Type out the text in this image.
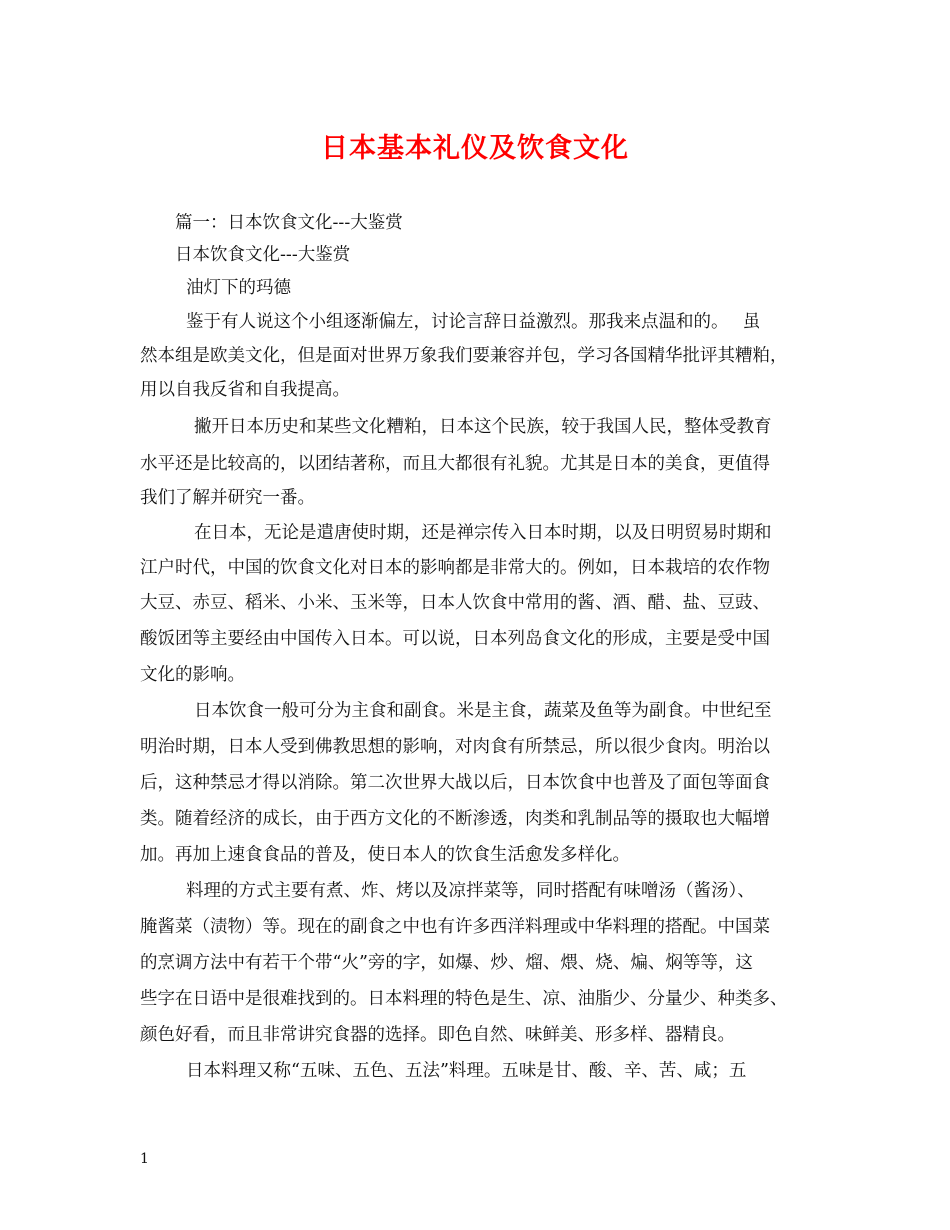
日本基本礼仪及饮食文化
篇一：日本饮食文化---大鉴赏
日本饮食文化---大鉴赏
油灯下的玛德
鉴于有人说这个小组逐渐偏左，讨论言辞日益激烈。那我来点温和的。　 虽
然本组是欧美文化，但是面对世界万象我们要兼容并包，学习各国精华批评其糟粕，
用以自我反省和自我提高。
撇开日本历史和某些文化糟粕，日本这个民族，较于我国人民，整体受教育
水平还是比较高的，以团结著称，而且大都很有礼貌。尤其是日本的美食，更值得
我们了解并研究一番。
在日本，无论是遣唐使时期，还是禅宗传入日本时期，以及日明贸易时期和
江户时代，中国的饮食文化对日本的影响都是非常大的。例如，日本栽培的农作物
大豆、赤豆、稻米、小米、玉米等，日本人饮食中常用的酱、酒、醋、盐、豆豉、
酸饭团等主要经由中国传入日本。可以说，日本列岛食文化的形成，主要是受中国
文化的影响。
日本饮食一般可分为主食和副食。米是主食，蔬菜及鱼等为副食。中世纪至
明治时期，日本人受到佛教思想的影响，对肉食有所禁忌，所以很少食肉。明治以
后，这种禁忌才得以消除。第二次世界大战以后，日本饮食中也普及了面包等面食
类。随着经济的成长，由于西方文化的不断渗透，肉类和乳制品等的摄取也大幅增
加。再加上速食食品的普及，使日本人的饮食生活愈发多样化。
料理的方式主要有煮、炸、烤以及凉拌菜等，同时搭配有味噌汤（酱汤）、
腌酱菜（渍物）等。现在的副食之中也有许多西洋料理或中华料理的搭配。中国菜
的烹调方法中有若干个带“火”旁的字，如爆、炒、熘、煨、烧、煸、焖等等，这
些字在日语中是很难找到的。日本料理的特色是生、凉、油脂少、分量少、种类多、
颜色好看，而且非常讲究食器的选择。即色自然、味鲜美、形多样、器精良。
日本料理又称“五味、五色、五法”料理。五味是甘、酸、辛、苦、咸；五
1
